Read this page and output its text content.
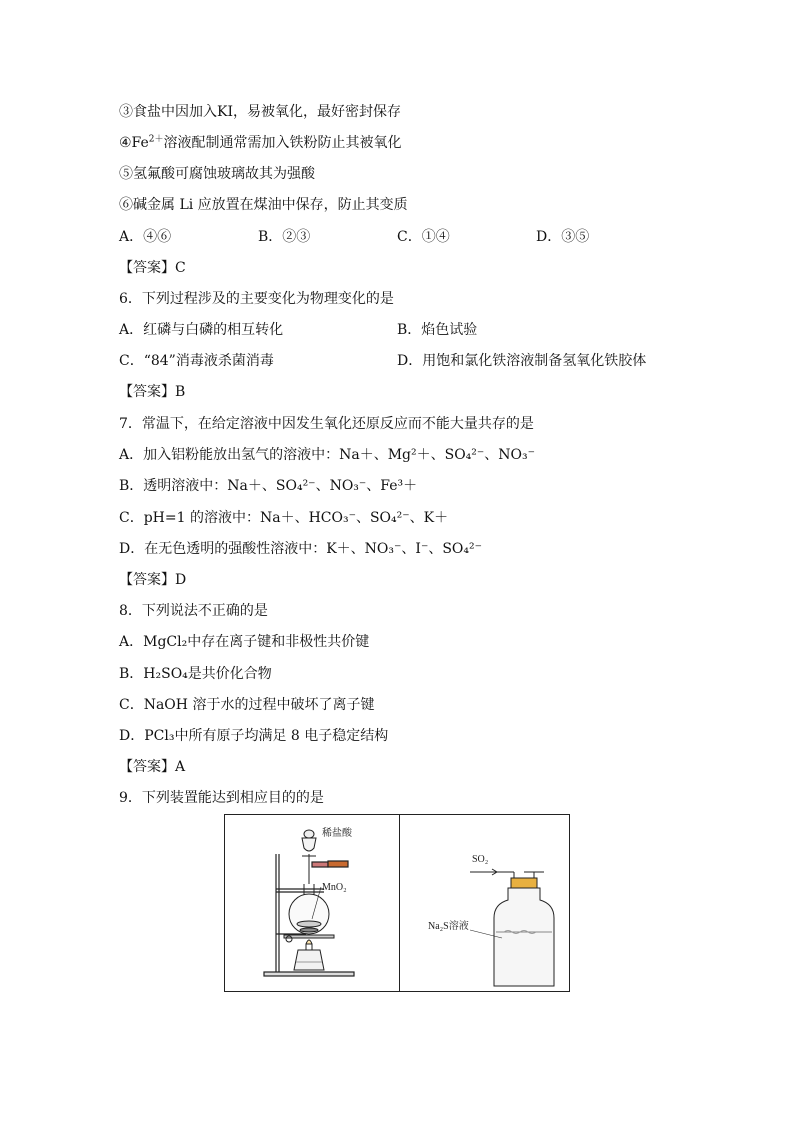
③食盐中因加入KI，易被氧化，最好密封保存
$④Fe^{2+}$溶液配制通常需加入铁粉防止其被氧化
⑤氢氟酸可腐蚀玻璃故其为强酸
⑥碱金属 Li 应放置在煤油中保存，防止其变质
A．④⑥	B．②③	C．①④	D．③⑤
【答案】C
6．下列过程涉及的主要变化为物理变化的是
A．红磷与白磷的相互转化	B．焰色试验
C．“84”消毒液杀菌消毒	D．用饱和氯化铁溶液制备氢氧化铁胶体
【答案】B
7．常温下，在给定溶液中因发生氧化还原反应而不能大量共存的是
A．加入铝粉能放出氢气的溶液中：Na＋、Mg²＋、SO₄²⁻、NO₃⁻
B．透明溶液中：Na＋、SO₄²⁻、NO₃⁻、Fe³＋
C．pH=1 的溶液中：Na＋、HCO₃⁻、SO₄²⁻、K＋
D．在无色透明的强酸性溶液中：K＋、NO₃⁻、I⁻、SO₄²⁻
【答案】D
8．下列说法不正确的是
A．MgCl₂中存在离子键和非极性共价键
B．H₂SO₄是共价化合物
C．NaOH 溶于水的过程中破坏了离子键
D．PCl₃中所有原子均满足 8 电子稳定结构
【答案】A
9．下列装置能达到相应目的的是
稀盐酸
MnO₂
SO₂
Na₂S溶液
